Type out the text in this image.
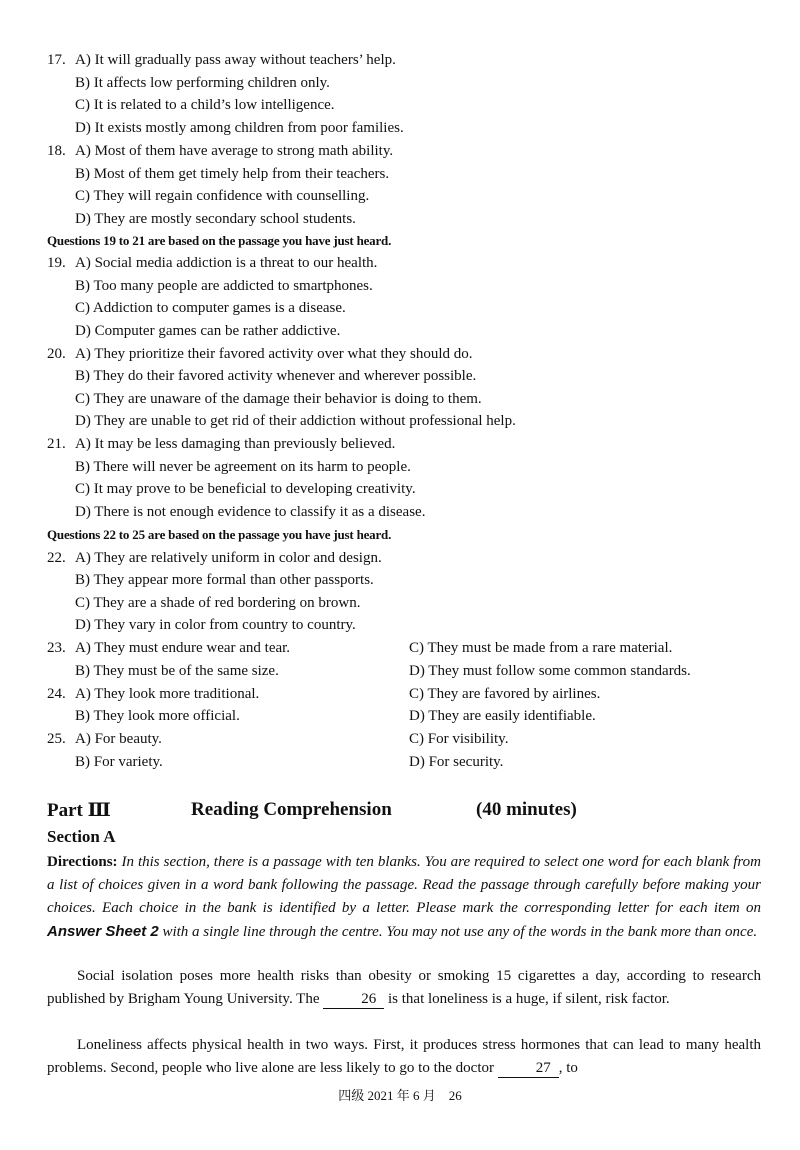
17. A) It will gradually pass away without teachers’ help.
B) It affects low performing children only.
C) It is related to a child’s low intelligence.
D) It exists mostly among children from poor families.
18. A) Most of them have average to strong math ability.
B) Most of them get timely help from their teachers.
C) They will regain confidence with counselling.
D) They are mostly secondary school students.
Questions 19 to 21 are based on the passage you have just heard.
19. A) Social media addiction is a threat to our health.
B) Too many people are addicted to smartphones.
C) Addiction to computer games is a disease.
D) Computer games can be rather addictive.
20. A) They prioritize their favored activity over what they should do.
B) They do their favored activity whenever and wherever possible.
C) They are unaware of the damage their behavior is doing to them.
D) They are unable to get rid of their addiction without professional help.
21. A) It may be less damaging than previously believed.
B) There will never be agreement on its harm to people.
C) It may prove to be beneficial to developing creativity.
D) There is not enough evidence to classify it as a disease.
Questions 22 to 25 are based on the passage you have just heard.
22. A) They are relatively uniform in color and design.
B) They appear more formal than other passports.
C) They are a shade of red bordering on brown.
D) They vary in color from country to country.
23. A) They must endure wear and tear.	C) They must be made from a rare material.
B) They must be of the same size.	D) They must follow some common standards.
24. A) They look more traditional.	C) They are favored by airlines.
B) They look more official.	D) They are easily identifiable.
25. A) For beauty.	C) For visibility.
B) For variety.	D) For security.
Part Ⅲ	Reading Comprehension	(40 minutes)
Section A
Directions: In this section, there is a passage with ten blanks. You are required to select one word for each blank from a list of choices given in a word bank following the passage. Read the passage through carefully before making your choices. Each choice in the bank is identified by a letter. Please mark the corresponding letter for each item on Answer Sheet 2 with a single line through the centre. You may not use any of the words in the bank more than once.
Social isolation poses more health risks than obesity or smoking 15 cigarettes a day, according to research published by Brigham Young University. The	26 is that loneliness is a huge, if silent, risk factor.
Loneliness affects physical health in two ways. First, it produces stress hormones that can lead to many health problems. Second, people who live alone are less likely to go to the doctor	27 , to
四级 2021 年 6 月　26
